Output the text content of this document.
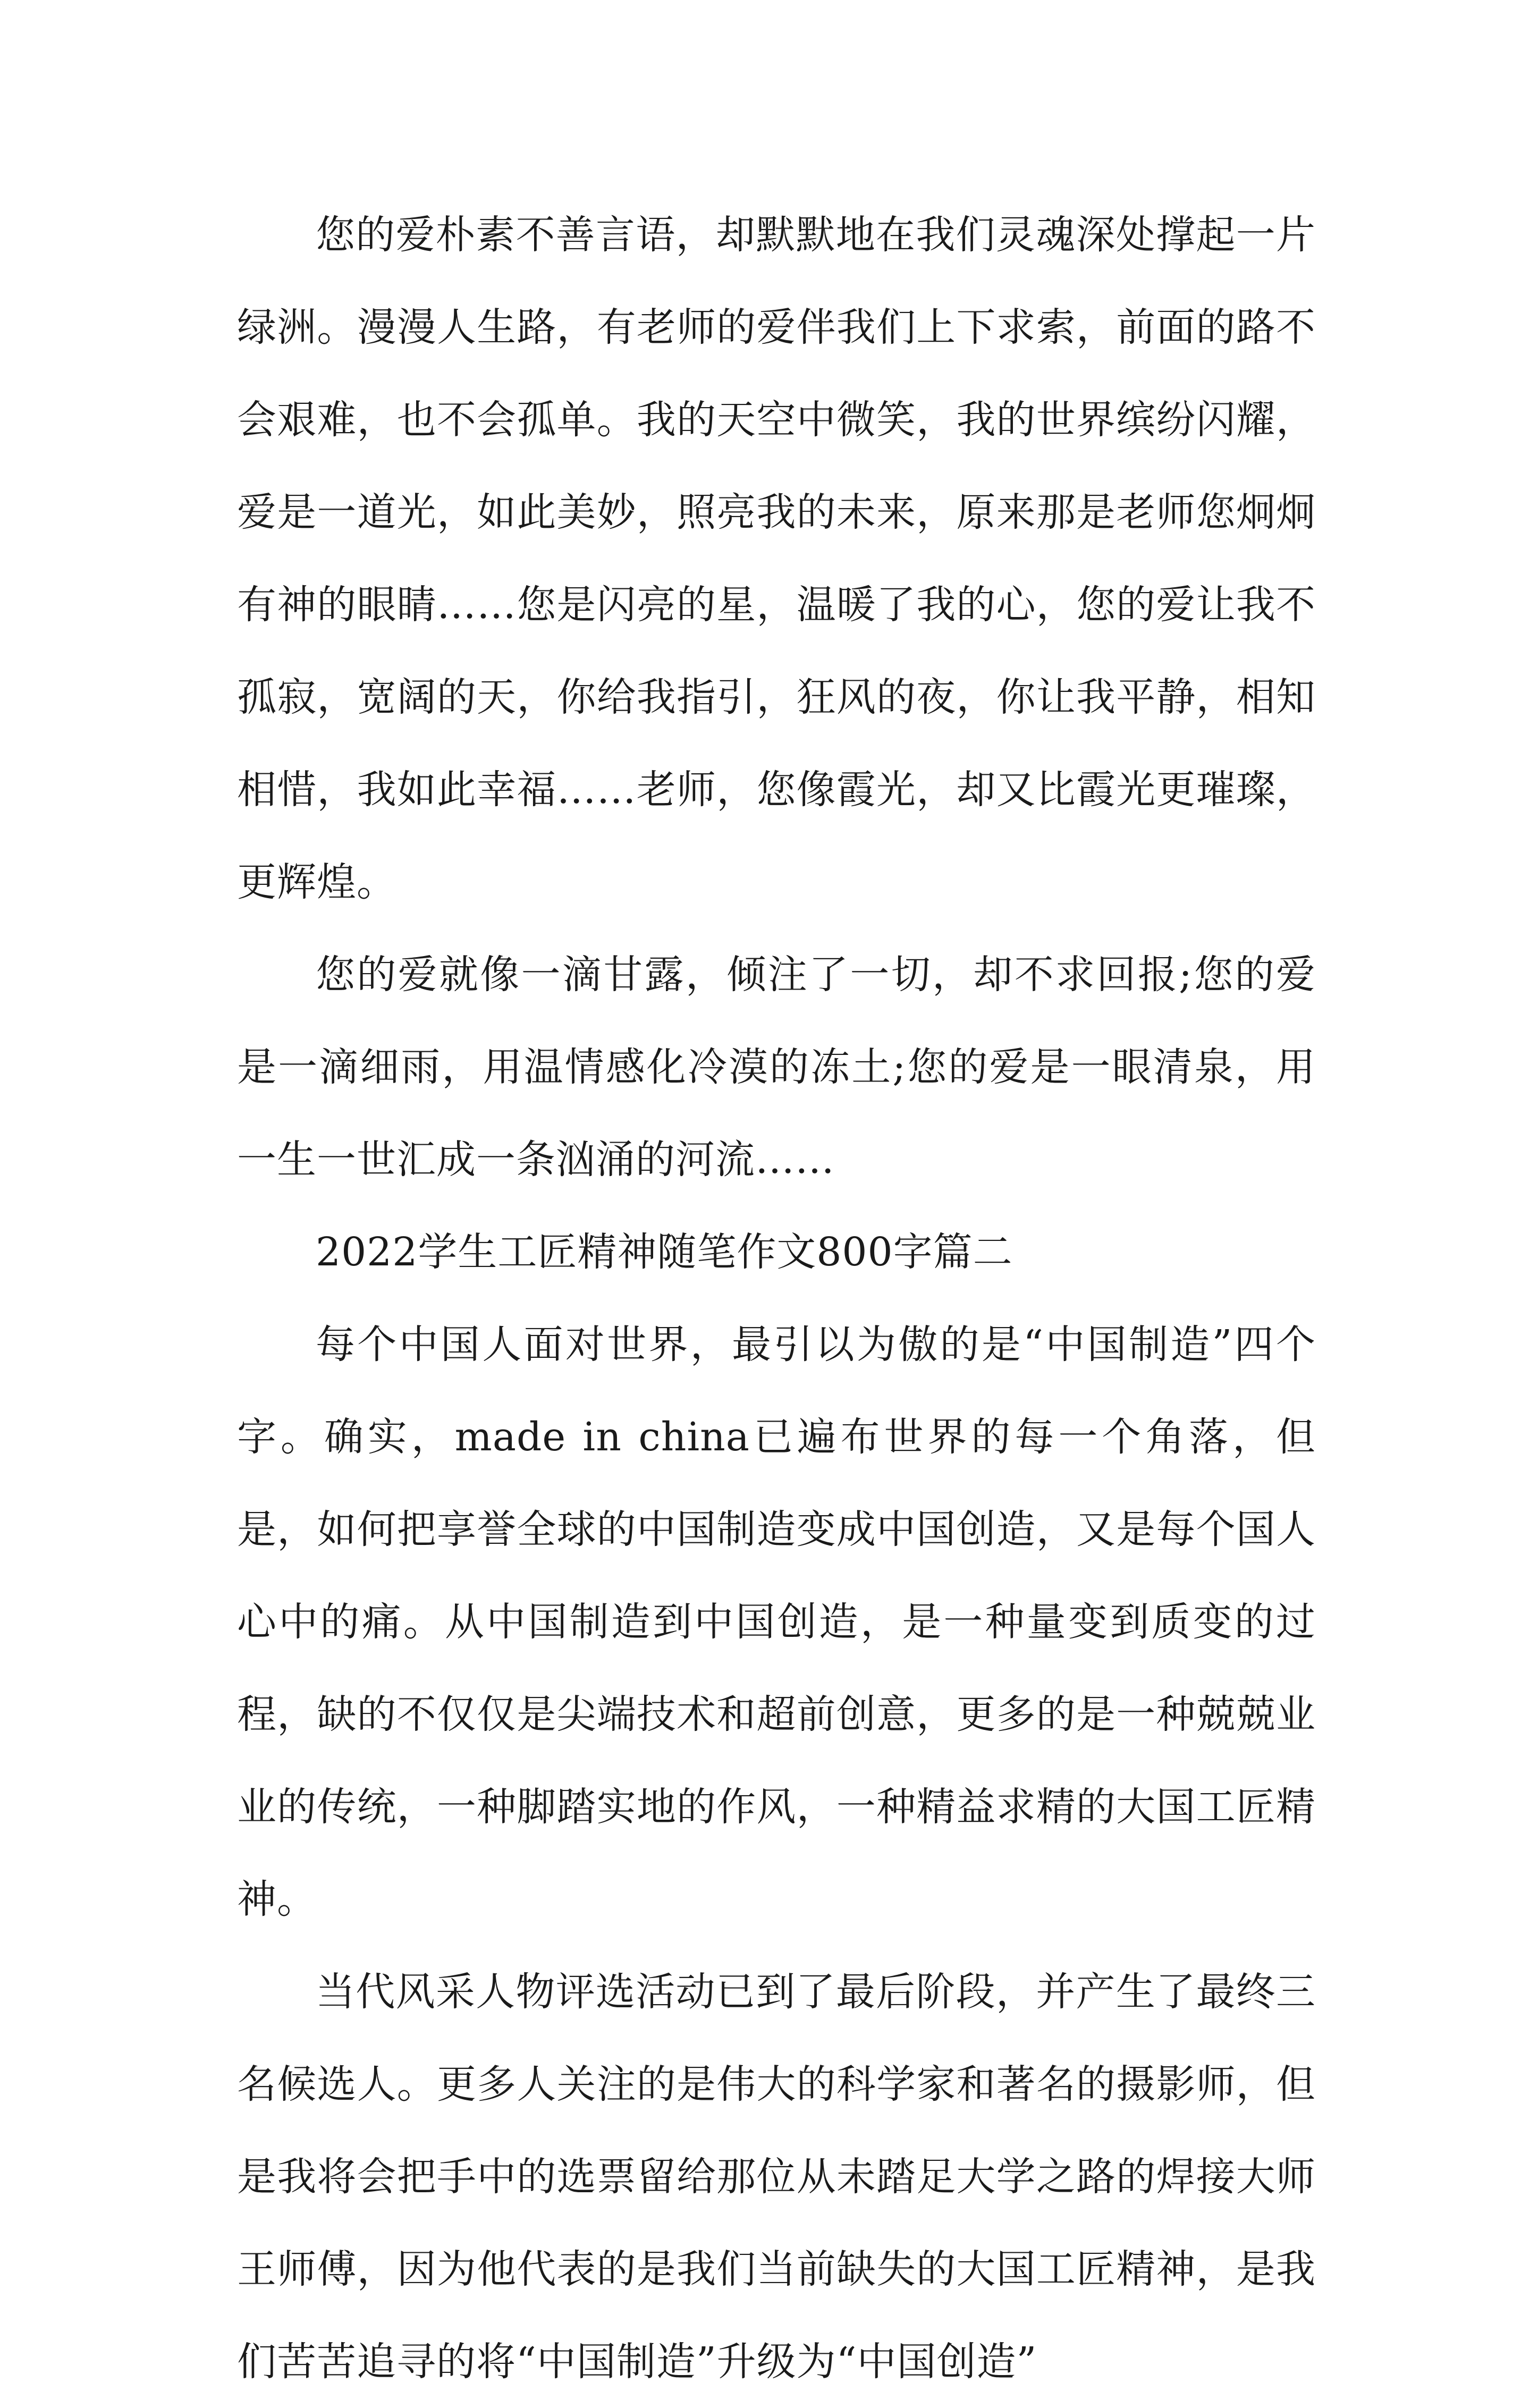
您的爱朴素不善言语，却默默地在我们灵魂深处撑起一片绿洲。漫漫人生路，有老师的爱伴我们上下求索，前面的路不会艰难，也不会孤单。我的天空中微笑，我的世界缤纷闪耀，爱是一道光，如此美妙，照亮我的未来，原来那是老师您炯炯有神的眼睛……您是闪亮的星，温暖了我的心，您的爱让我不孤寂，宽阔的天，你给我指引，狂风的夜，你让我平静，相知相惜，我如此幸福……老师，您像霞光，却又比霞光更璀璨，更辉煌。

您的爱就像一滴甘露，倾注了一切，却不求回报;您的爱是一滴细雨，用温情感化冷漠的冻土;您的爱是一眼清泉，用一生一世汇成一条汹涌的河流……

2022学生工匠精神随笔作文800字篇二

每个中国人面对世界，最引以为傲的是“中国制造”四个字。确实，made in china已遍布世界的每一个角落，但是，如何把享誉全球的中国制造变成中国创造，又是每个国人心中的痛。从中国制造到中国创造，是一种量变到质变的过程，缺的不仅仅是尖端技术和超前创意，更多的是一种兢兢业业的传统，一种脚踏实地的作风，一种精益求精的大国工匠精神。

当代风采人物评选活动已到了最后阶段，并产生了最终三名候选人。更多人关注的是伟大的科学家和著名的摄影师，但是我将会把手中的选票留给那位从未踏足大学之路的焊接大师王师傅，因为他代表的是我们当前缺失的大国工匠精神，是我们苦苦追寻的将“中国制造”升级为“中国创造”
